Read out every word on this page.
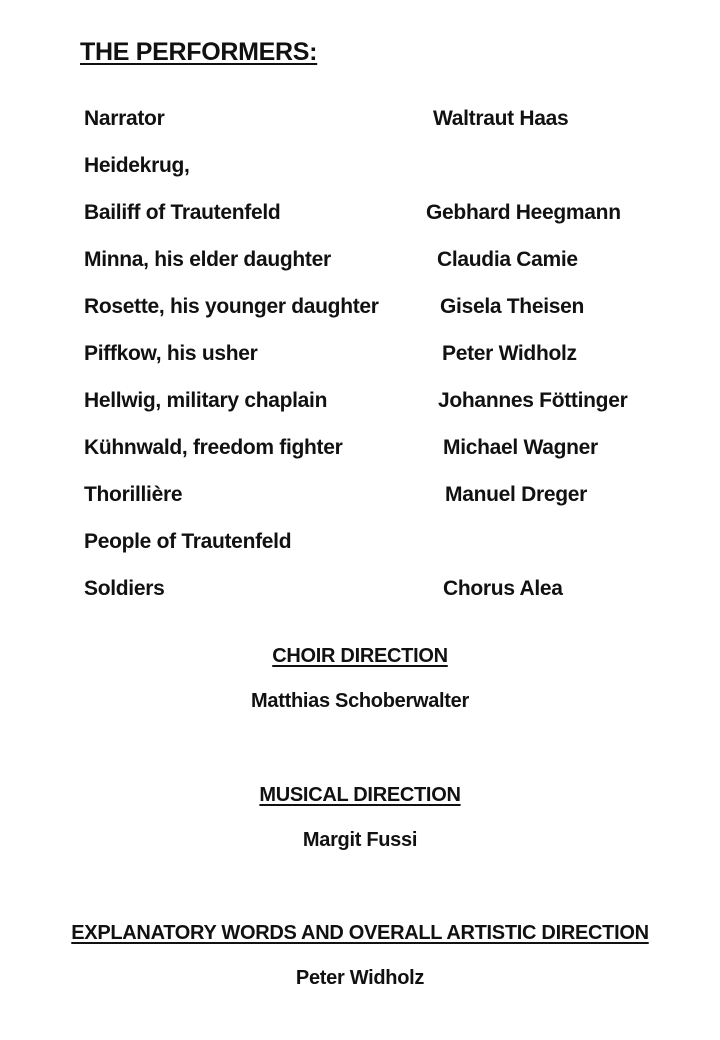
THE PERFORMERS:
Narrator	Waltraut Haas
Heidekrug,
Bailiff of Trautenfeld	Gebhard Heegmann
Minna, his elder daughter	Claudia Camie
Rosette, his younger daughter	Gisela Theisen
Piffkow, his usher	Peter Widholz
Hellwig, military chaplain	Johannes Föttinger
Kühnwald, freedom fighter	Michael Wagner
Thorillière	Manuel Dreger
People of Trautenfeld
Soldiers	Chorus Alea
CHOIR DIRECTION
Matthias Schoberwalter
MUSICAL DIRECTION
Margit Fussi
EXPLANATORY WORDS AND OVERALL ARTISTIC DIRECTION
Peter Widholz
